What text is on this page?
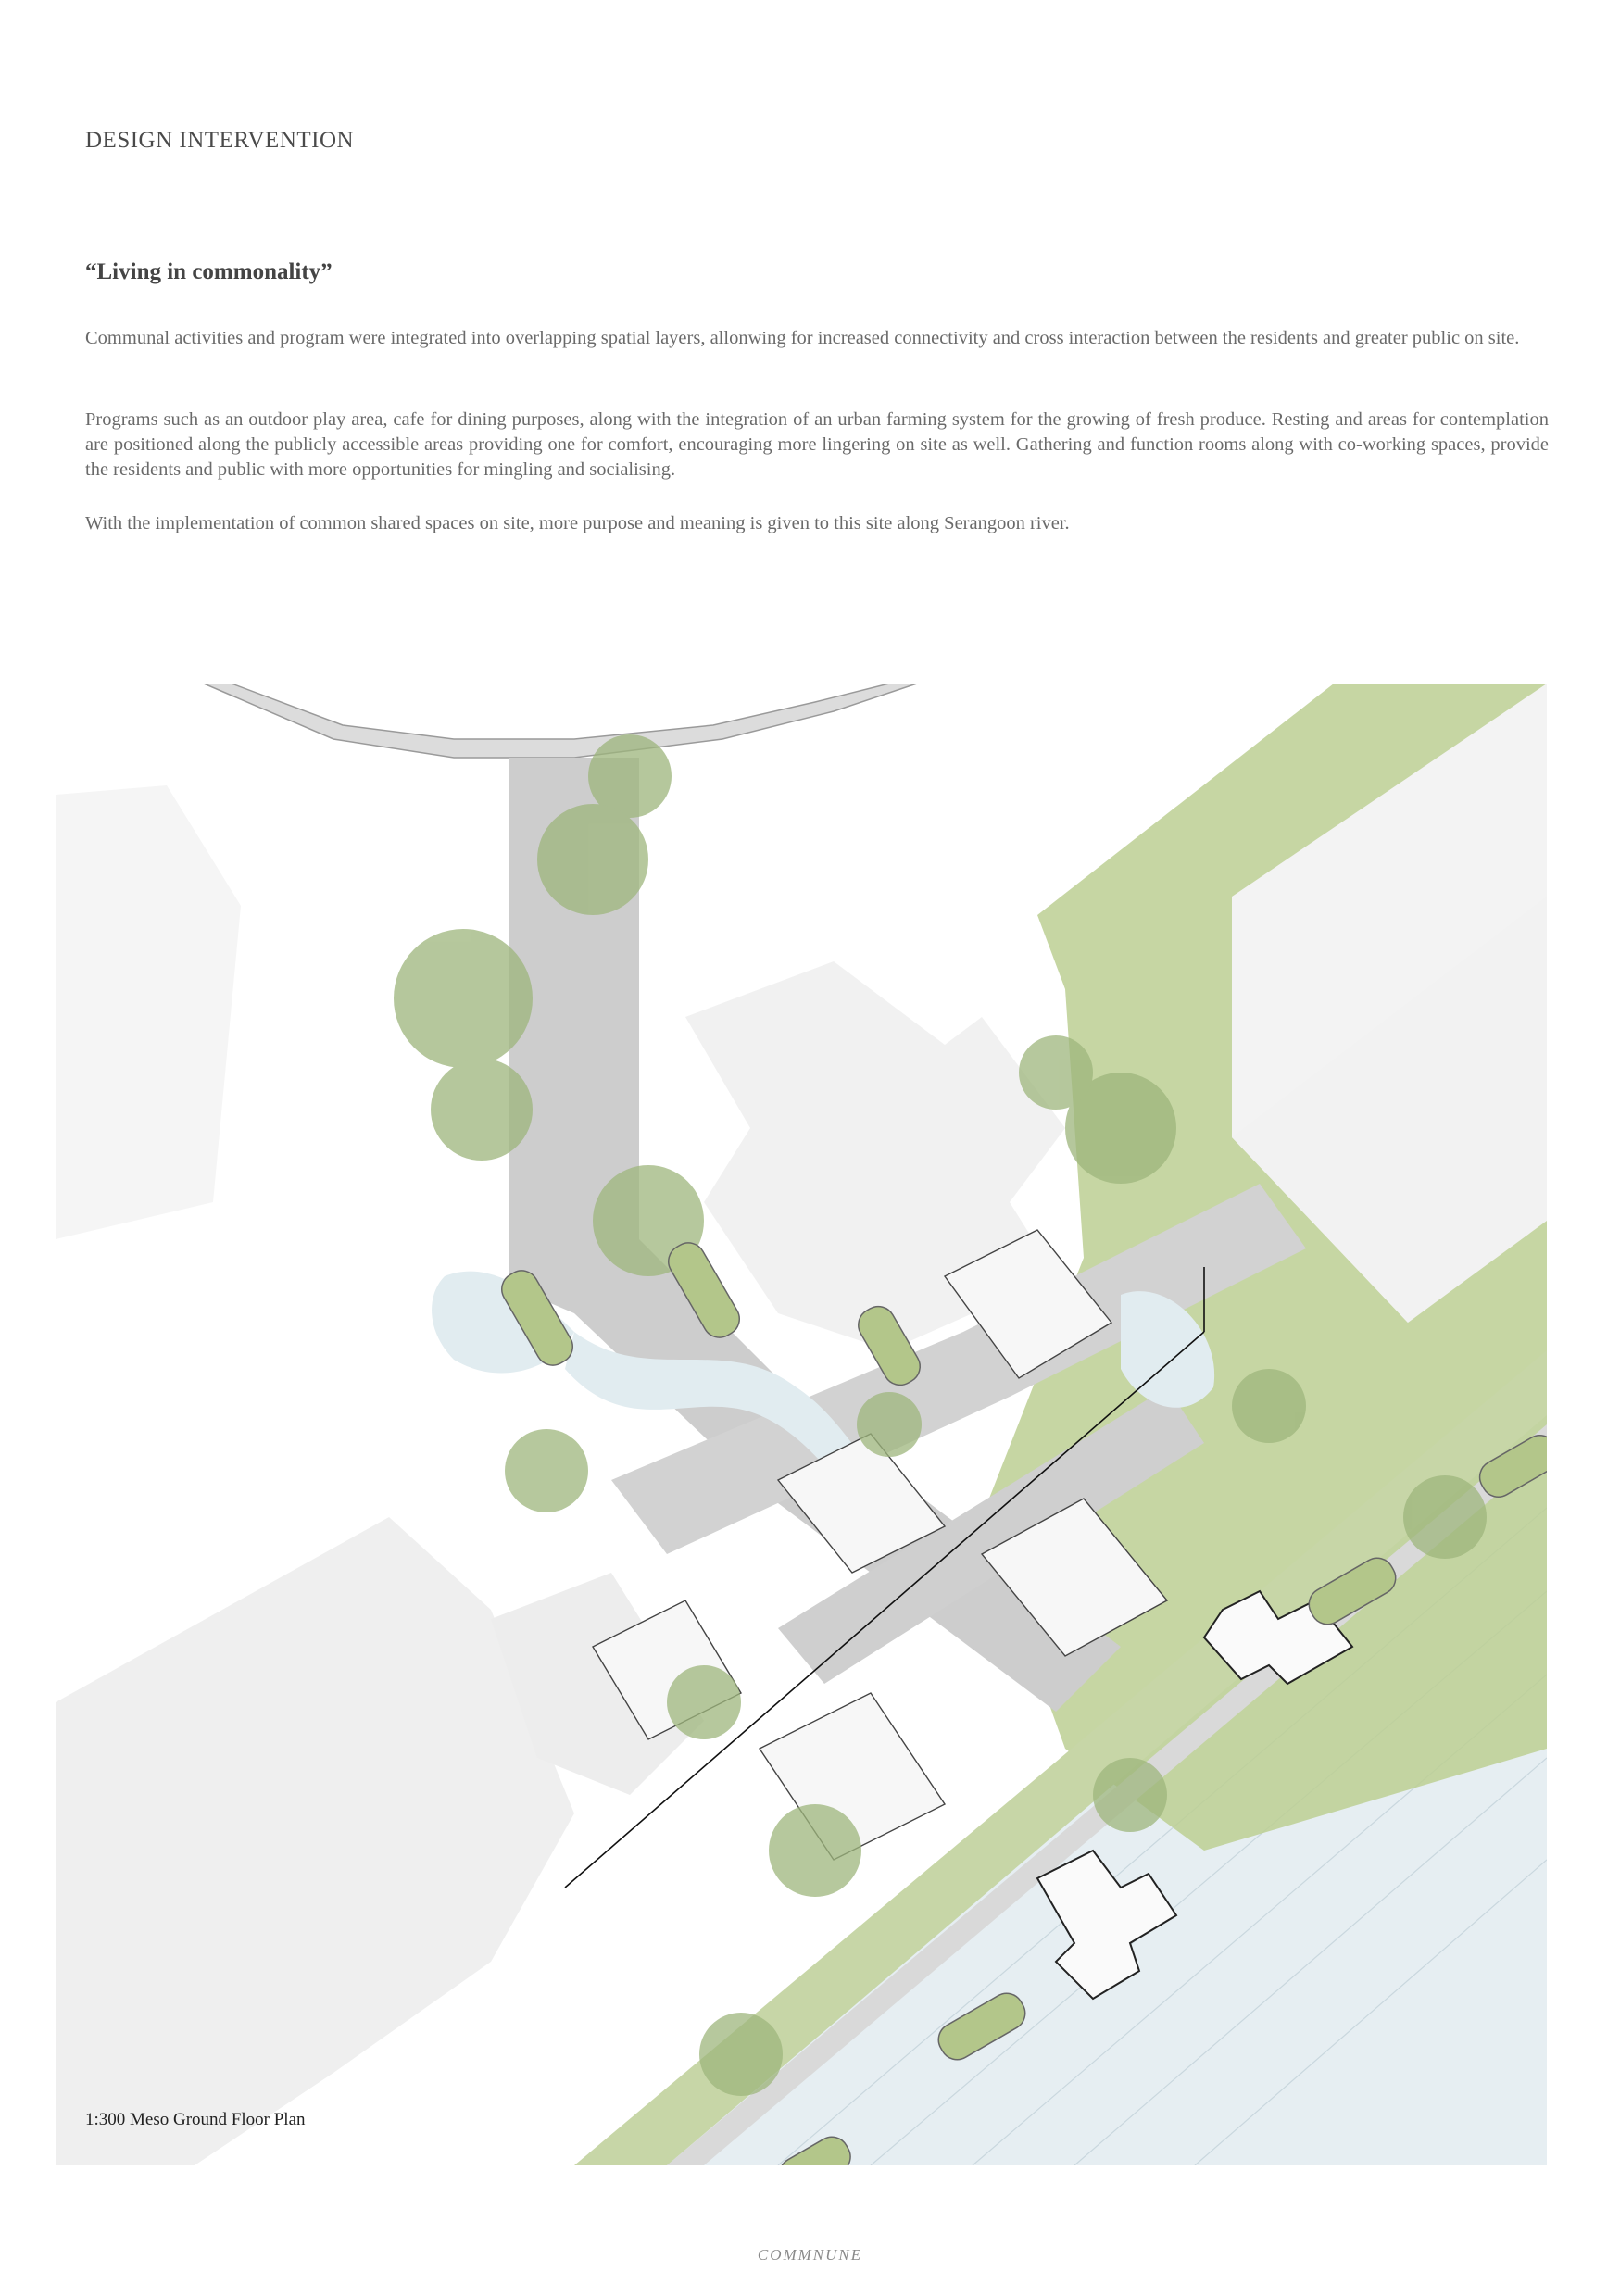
DESIGN INTERVENTION
“Living in commonality”

Communal activities and program were integrated into overlapping spatial layers, allonwing for increased connectivity and cross interaction between the residents and greater public on site.

Programs such as an outdoor play area, cafe for dining purposes, along with the integration of an urban farming system for the growing of fresh produce. Resting and areas for contemplation are positioned along the publicly accessible areas providing one for comfort, encouraging more lingering on site as well. Gathering and function rooms along with co-working spaces, provide the residents and public with more opportunities for mingling and socialising.

With the implementation of common shared spaces on site, more purpose and meaning is given to this site along Serangoon river.

1:300 Meso Ground Floor Plan
COMMNUNE
